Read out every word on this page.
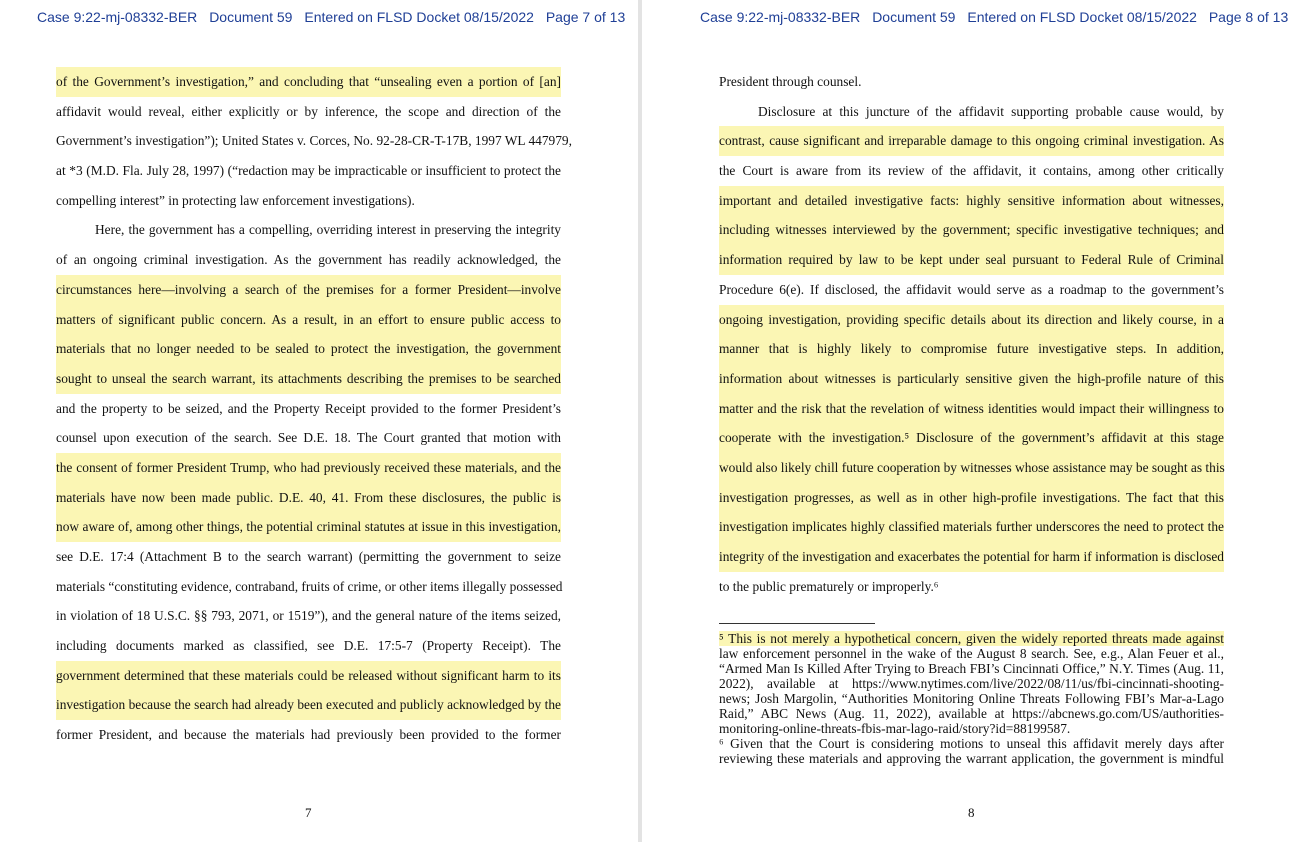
Case 9:22-mj-08332-BER Document 59 Entered on FLSD Docket 08/15/2022 Page 7 of 13
of the Government’s investigation,” and concluding that “unsealing even a portion of [an]
affidavit would reveal, either explicitly or by inference, the scope and direction of the
Government’s investigation”); United States v. Corces, No. 92-28-CR-T-17B, 1997 WL 447979,
at *3 (M.D. Fla. July 28, 1997) (“redaction may be impracticable or insufficient to protect the
compelling interest” in protecting law enforcement investigations).
Here, the government has a compelling, overriding interest in preserving the integrity
of an ongoing criminal investigation. As the government has readily acknowledged, the
circumstances here—involving a search of the premises for a former President—involve
matters of significant public concern. As a result, in an effort to ensure public access to
materials that no longer needed to be sealed to protect the investigation, the government
sought to unseal the search warrant, its attachments describing the premises to be searched
and the property to be seized, and the Property Receipt provided to the former President’s
counsel upon execution of the search. See D.E. 18. The Court granted that motion with
the consent of former President Trump, who had previously received these materials, and the
materials have now been made public. D.E. 40, 41. From these disclosures, the public is
now aware of, among other things, the potential criminal statutes at issue in this investigation,
see D.E. 17:4 (Attachment B to the search warrant) (permitting the government to seize
materials “constituting evidence, contraband, fruits of crime, or other items illegally possessed
in violation of 18 U.S.C. §§ 793, 2071, or 1519”), and the general nature of the items seized,
including documents marked as classified, see D.E. 17:5-7 (Property Receipt). The
government determined that these materials could be released without significant harm to its
investigation because the search had already been executed and publicly acknowledged by the
former President, and because the materials had previously been provided to the former
7
Case 9:22-mj-08332-BER Document 59 Entered on FLSD Docket 08/15/2022 Page 8 of 13
President through counsel.
Disclosure at this juncture of the affidavit supporting probable cause would, by
contrast, cause significant and irreparable damage to this ongoing criminal investigation. As
the Court is aware from its review of the affidavit, it contains, among other critically
important and detailed investigative facts: highly sensitive information about witnesses,
including witnesses interviewed by the government; specific investigative techniques; and
information required by law to be kept under seal pursuant to Federal Rule of Criminal
Procedure 6(e). If disclosed, the affidavit would serve as a roadmap to the government’s
ongoing investigation, providing specific details about its direction and likely course, in a
manner that is highly likely to compromise future investigative steps. In addition,
information about witnesses is particularly sensitive given the high-profile nature of this
matter and the risk that the revelation of witness identities would impact their willingness to
cooperate with the investigation.⁵ Disclosure of the government’s affidavit at this stage
would also likely chill future cooperation by witnesses whose assistance may be sought as this
investigation progresses, as well as in other high-profile investigations. The fact that this
investigation implicates highly classified materials further underscores the need to protect the
integrity of the investigation and exacerbates the potential for harm if information is disclosed
to the public prematurely or improperly.⁶
⁵ This is not merely a hypothetical concern, given the widely reported threats made against
law enforcement personnel in the wake of the August 8 search. See, e.g., Alan Feuer et al.,
“Armed Man Is Killed After Trying to Breach FBI’s Cincinnati Office,” N.Y. Times (Aug. 11,
2022), available at https://www.nytimes.com/live/2022/08/11/us/fbi-cincinnati-shooting-
news; Josh Margolin, “Authorities Monitoring Online Threats Following FBI’s Mar-a-Lago
Raid,” ABC News (Aug. 11, 2022), available at https://abcnews.go.com/US/authorities-
monitoring-online-threats-fbis-mar-lago-raid/story?id=88199587.
⁶ Given that the Court is considering motions to unseal this affidavit merely days after
reviewing these materials and approving the warrant application, the government is mindful
8
